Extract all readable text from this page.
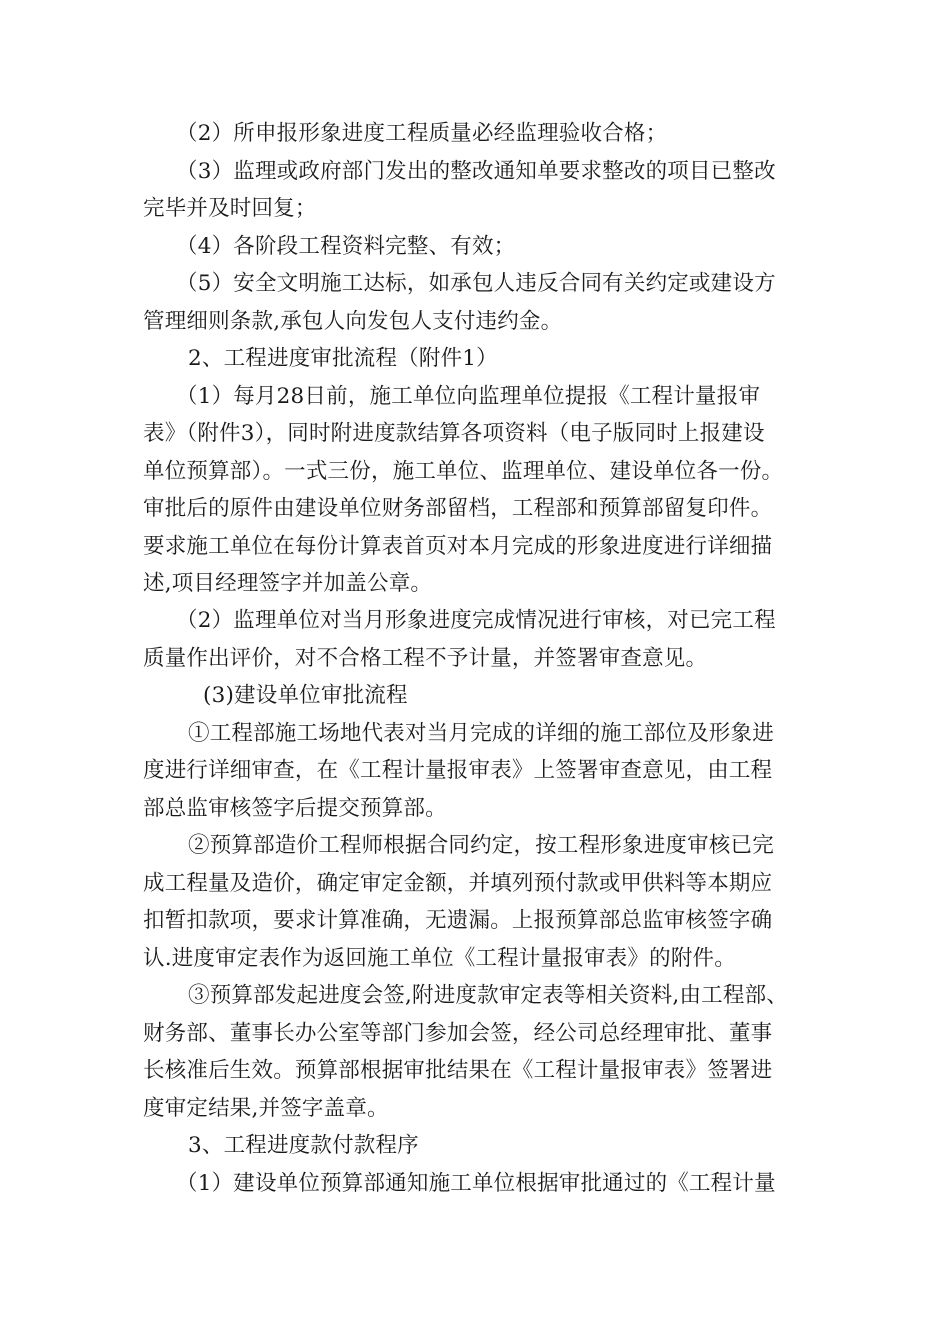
（2）所申报形象进度工程质量必经监理验收合格；

（3）监理或政府部门发出的整改通知单要求整改的项目已整改

完毕并及时回复；

（4）各阶段工程资料完整、有效；

（5）安全文明施工达标，如承包人违反合同有关约定或建设方

管理细则条款,承包人向发包人支付违约金。

2、工程进度审批流程（附件1）

（1）每月28日前，施工单位向监理单位提报《工程计量报审

表》（附件3），同时附进度款结算各项资料（电子版同时上报建设

单位预算部）。一式三份，施工单位、监理单位、建设单位各一份。

审批后的原件由建设单位财务部留档，工程部和预算部留复印件。

要求施工单位在每份计算表首页对本月完成的形象进度进行详细描

述,项目经理签字并加盖公章。

（2）监理单位对当月形象进度完成情况进行审核，对已完工程

质量作出评价，对不合格工程不予计量，并签署审查意见。

(3)建设单位审批流程

①工程部施工场地代表对当月完成的详细的施工部位及形象进

度进行详细审查，在《工程计量报审表》上签署审查意见，由工程

部总监审核签字后提交预算部。

②预算部造价工程师根据合同约定，按工程形象进度审核已完

成工程量及造价，确定审定金额，并填列预付款或甲供料等本期应

扣暂扣款项，要求计算准确，无遗漏。上报预算部总监审核签字确

认.进度审定表作为返回施工单位《工程计量报审表》的附件。

③预算部发起进度会签,附进度款审定表等相关资料,由工程部、

财务部、董事长办公室等部门参加会签，经公司总经理审批、董事

长核准后生效。预算部根据审批结果在《工程计量报审表》签署进

度审定结果,并签字盖章。

3、工程进度款付款程序

（1）建设单位预算部通知施工单位根据审批通过的《工程计量
